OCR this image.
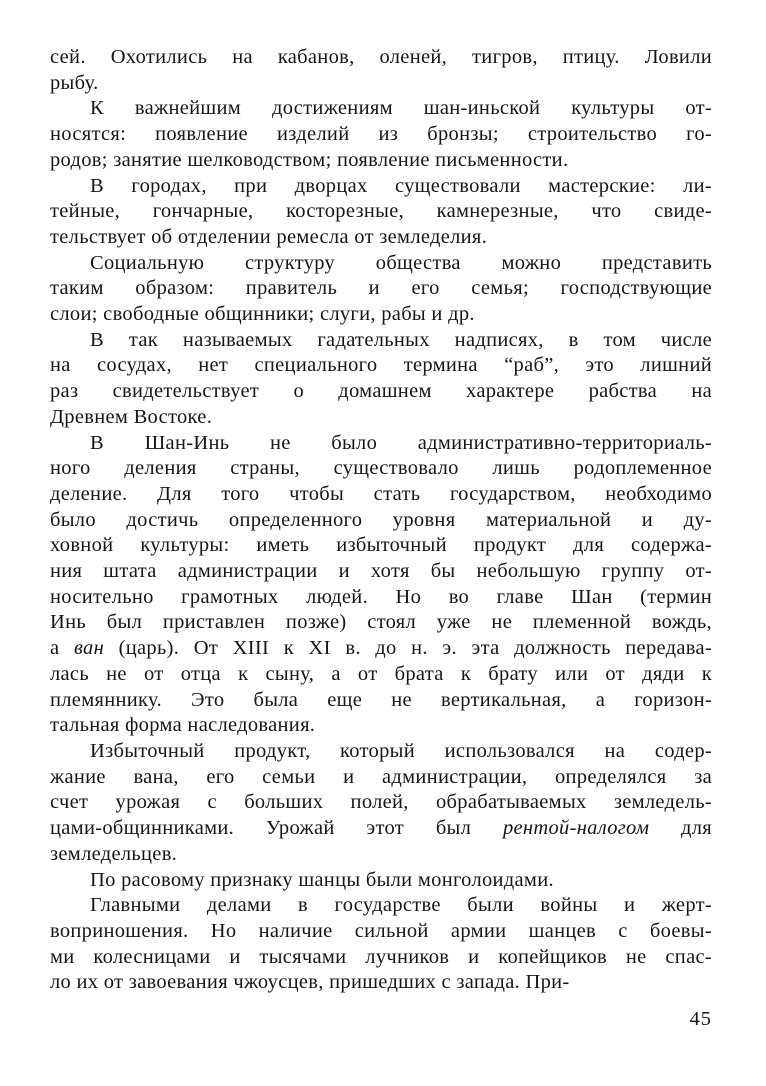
сей. Охотились на кабанов, оленей, тигров, птицу. Ловили
рыбу.
К важнейшим достижениям шан-иньской культуры от-
носятся: появление изделий из бронзы; строительство го-
родов; занятие шелководством; появление письменности.
В городах, при дворцах существовали мастерские: ли-
тейные, гончарные, косторезные, камнерезные, что свиде-
тельствует об отделении ремесла от земледелия.
Социальную структуру общества можно представить
таким образом: правитель и его семья; господствующие
слои; свободные общинники; слуги, рабы и др.
В так называемых гадательных надписях, в том числе
на сосудах, нет специального термина “раб”, это лишний
раз свидетельствует о домашнем характере рабства на
Древнем Востоке.
В Шан-Инь не было административно-территориаль-
ного деления страны, существовало лишь родоплеменное
деление. Для того чтобы стать государством, необходимо
было достичь определенного уровня материальной и ду-
ховной культуры: иметь избыточный продукт для содержа-
ния штата администрации и хотя бы небольшую группу от-
носительно грамотных людей. Но во главе Шан (термин
Инь был приставлен позже) стоял уже не племенной вождь,
а ван (царь). От XIII к XI в. до н. э. эта должность передава-
лась не от отца к сыну, а от брата к брату или от дяди к
племяннику. Это была еще не вертикальная, а горизон-
тальная форма наследования.
Избыточный продукт, который использовался на содер-
жание вана, его семьи и администрации, определялся за
счет урожая с больших полей, обрабатываемых земледель-
цами-общинниками. Урожай этот был рентой-налогом для
земледельцев.
По расовому признаку шанцы были монголоидами.
Главными делами в государстве были войны и жерт-
воприношения. Но наличие сильной армии шанцев с боевы-
ми колесницами и тысячами лучников и копейщиков не спас-
ло их от завоевания чжоусцев, пришедших с запада. При-
45
